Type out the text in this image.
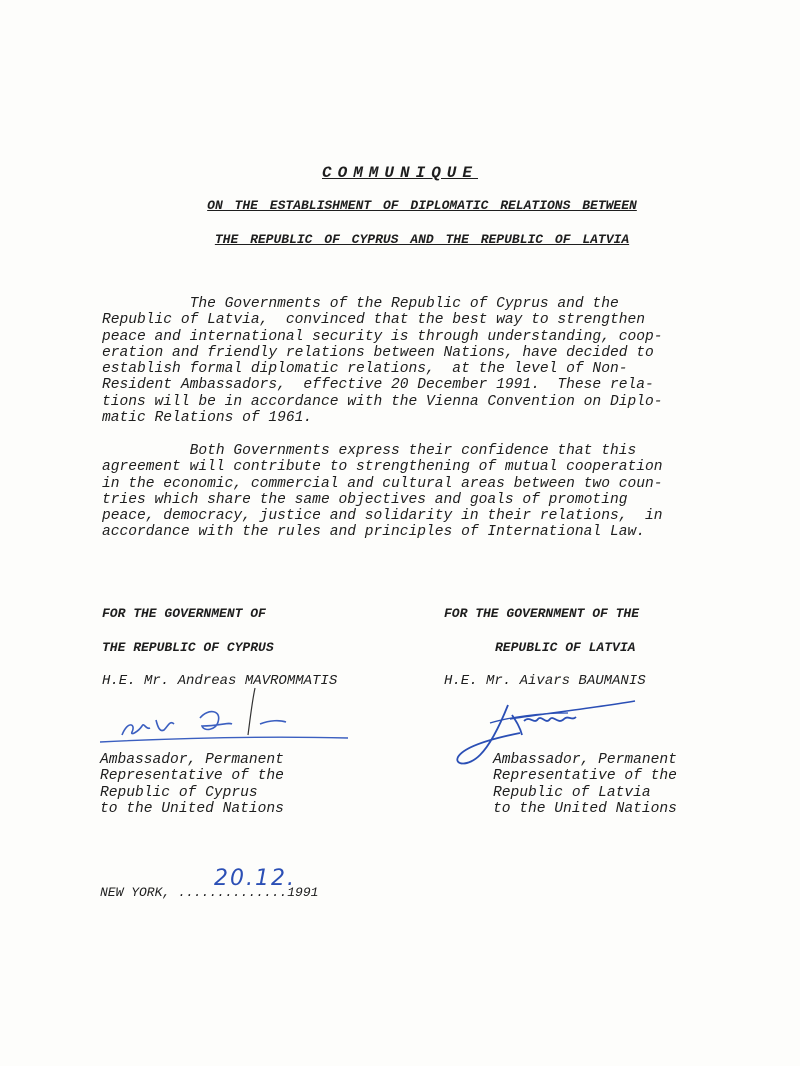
COMMUNIQUE
ON THE ESTABLISHMENT OF DIPLOMATIC RELATIONS BETWEEN
THE REPUBLIC OF CYPRUS AND THE REPUBLIC OF LATVIA
The Governments of the Republic of Cyprus and the
Republic of Latvia,  convinced that the best way to strengthen
peace and international security is through understanding, coop-
eration and friendly relations between Nations, have decided to
establish formal diplomatic relations,  at the level of Non-
Resident Ambassadors,  effective 20 December 1991.  These rela-
tions will be in accordance with the Vienna Convention on Diplo-
matic Relations of 1961.
Both Governments express their confidence that this
agreement will contribute to strengthening of mutual cooperation
in the economic, commercial and cultural areas between two coun-
tries which share the same objectives and goals of promoting
peace, democracy, justice and solidarity in their relations,  in
accordance with the rules and principles of International Law.
FOR THE GOVERNMENT OF
THE REPUBLIC OF CYPRUS
H.E. Mr. Andreas MAVROMMATIS
Ambassador, Permanent
Representative of the
Republic of Cyprus
to the United Nations
FOR THE GOVERNMENT OF THE
REPUBLIC OF LATVIA
H.E. Mr. Aivars BAUMANIS
Ambassador, Permanent
Representative of the
Republic of Latvia
to the United Nations
20.12.
NEW YORK, ..............1991
